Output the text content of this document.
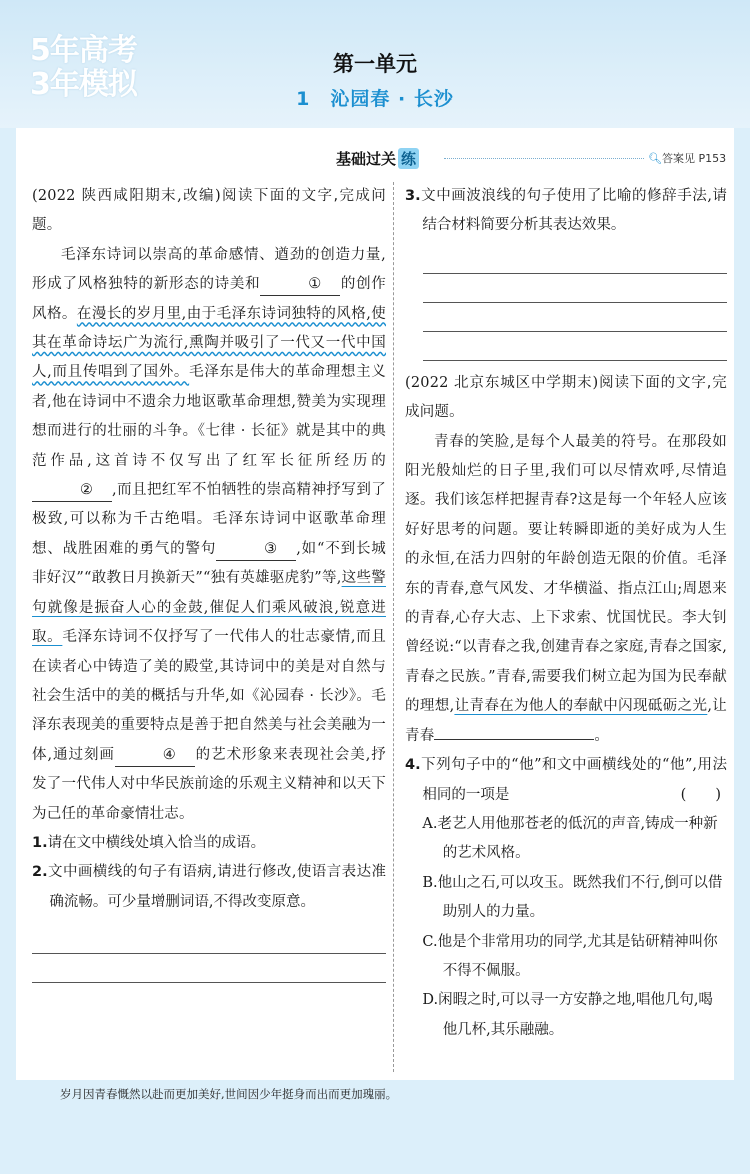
5年高考
3年模拟
第一单元
1　沁园春 · 长沙
基础过关 练	🔍︎答案见 P153

(2022 陕西咸阳期末,改编)阅读下面的文字,完成问题。

毛泽东诗词以崇高的革命感情、遒劲的创造力量,形成了风格独特的新形态的诗美和	① 的创作风格。在漫长的岁月里,由于毛泽东诗词独特的风格,使其在革命诗坛广为流行,熏陶并吸引了一代又一代中国人,而且传唱到了国外。毛泽东是伟大的革命理想主义者,他在诗词中不遗余力地讴歌革命理想,赞美为实现理想而进行的壮丽的斗争。《七律 · 长征》就是其中的典范作品,这首诗不仅写出了红军长征所经历的② ,而且把红军不怕牺牲的崇高精神抒写到了极致,可以称为千古绝唱。毛泽东诗词中讴歌革命理想、战胜困难的勇气的警句	③ ,如“不到长城非好汉”“敢教日月换新天”“独有英雄驱虎豹”等,这些警句就像是振奋人心的金鼓,催促人们乘风破浪,锐意进取。毛泽东诗词不仅抒写了一代伟人的壮志豪情,而且在读者心中铸造了美的殿堂,其诗词中的美是对自然与社会生活中的美的概括与升华,如《沁园春 · 长沙》。毛泽东表现美的重要特点是善于把自然美与社会美融为一体,通过刻画	④ 的艺术形象来表现社会美,抒发了一代伟人对中华民族前途的乐观主义精神和以天下为己任的革命豪情壮志。

1.请在文中横线处填入恰当的成语。

2.文中画横线的句子有语病,请进行修改,使语言表达准确流畅。可少量增删词语,不得改变原意。

3.文中画波浪线的句子使用了比喻的修辞手法,请结合材料简要分析其表达效果。

(2022 北京东城区中学期末)阅读下面的文字,完成问题。

青春的笑脸,是每个人最美的符号。在那段如阳光般灿烂的日子里,我们可以尽情欢呼,尽情追逐。我们该怎样把握青春?这是每一个年轻人应该好好思考的问题。要让转瞬即逝的美好成为人生的永恒,在活力四射的年龄创造无限的价值。毛泽东的青春,意气风发、才华横溢、指点江山;周恩来的青春,心存大志、上下求索、忧国忧民。李大钊曾经说:“以青春之我,创建青春之家庭,青春之国家,青春之民族。”青春,需要我们树立起为国为民奉献的理想,让青春在为他人的奉献中闪现砥砺之光,让青春	。

4.下列句子中的“他”和文中画横线处的“他”,用法相同的一项是	(　　)

A.老艺人用他那苍老的低沉的声音,铸成一种新的艺术风格。

B.他山之石,可以攻玉。既然我们不行,倒可以借助别人的力量。

C.他是个非常用功的同学,尤其是钻研精神叫你不得不佩服。

D.闲暇之时,可以寻一方安静之地,唱他几句,喝他几杯,其乐融融。

岁月因青春慨然以赴而更加美好,世间因少年挺身而出而更加瑰丽。
